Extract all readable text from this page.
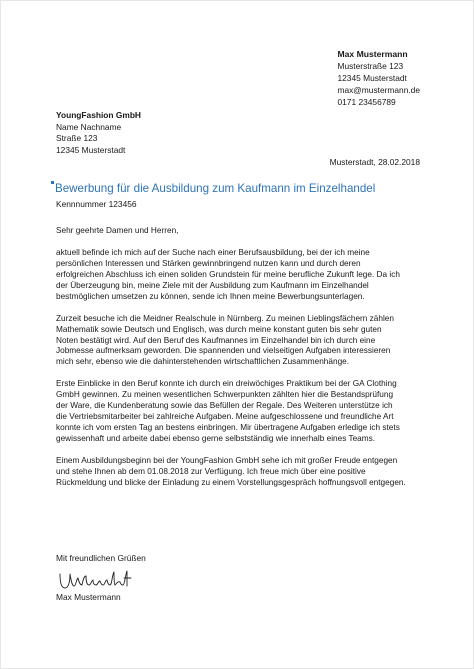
Max Mustermann
Musterstraße 123
12345 Musterstadt
max@mustermann.de
0171 23456789
YoungFashion GmbH
Name Nachname
Straße 123
12345 Musterstadt
Musterstadt, 28.02.2018
Bewerbung für die Ausbildung zum Kaufmann im Einzelhandel
Kennnummer 123456

Sehr geehrte Damen und Herren,

aktuell befinde ich mich auf der Suche nach einer Berufsausbildung, bei der ich meine
persönlichen Interessen und Stärken gewinnbringend nutzen kann und durch deren
erfolgreichen Abschluss ich einen soliden Grundstein für meine berufliche Zukunft lege. Da ich
der Überzeugung bin, meine Ziele mit der Ausbildung zum Kaufmann im Einzelhandel
bestmöglichen umsetzen zu können, sende ich Ihnen meine Bewerbungsunterlagen.

Zurzeit besuche ich die Meidner Realschule in Nürnberg. Zu meinen Lieblingsfächern zählen
Mathematik sowie Deutsch und Englisch, was durch meine konstant guten bis sehr guten
Noten bestätigt wird. Auf den Beruf des Kaufmannes im Einzelhandel bin ich durch eine
Jobmesse aufmerksam geworden. Die spannenden und vielseitigen Aufgaben interessieren
mich sehr, ebenso wie die dahinterstehenden wirtschaftlichen Zusammenhänge.

Erste Einblicke in den Beruf konnte ich durch ein dreiwöchiges Praktikum bei der GA Clothing
GmbH gewinnen. Zu meinen wesentlichen Schwerpunkten zählten hier die Bestandsprüfung
der Ware, die Kundenberatung sowie das Befüllen der Regale. Des Weiteren unterstütze ich
die Vertriebsmitarbeiter bei zahlreiche Aufgaben. Meine aufgeschlossene und freundliche Art
konnte ich vom ersten Tag an bestens einbringen. Mir übertragene Aufgaben erledige ich stets
gewissenhaft und arbeite dabei ebenso gerne selbstständig wie innerhalb eines Teams.

Einem Ausbildungsbeginn bei der YoungFashion GmbH sehe ich mit großer Freude entgegen
und stehe Ihnen ab dem 01.08.2018 zur Verfügung. Ich freue mich über eine positive
Rückmeldung und blicke der Einladung zu einem Vorstellungsgespräch hoffnungsvoll entgegen.

Mit freundlichen Grüßen
Max Mustermann
